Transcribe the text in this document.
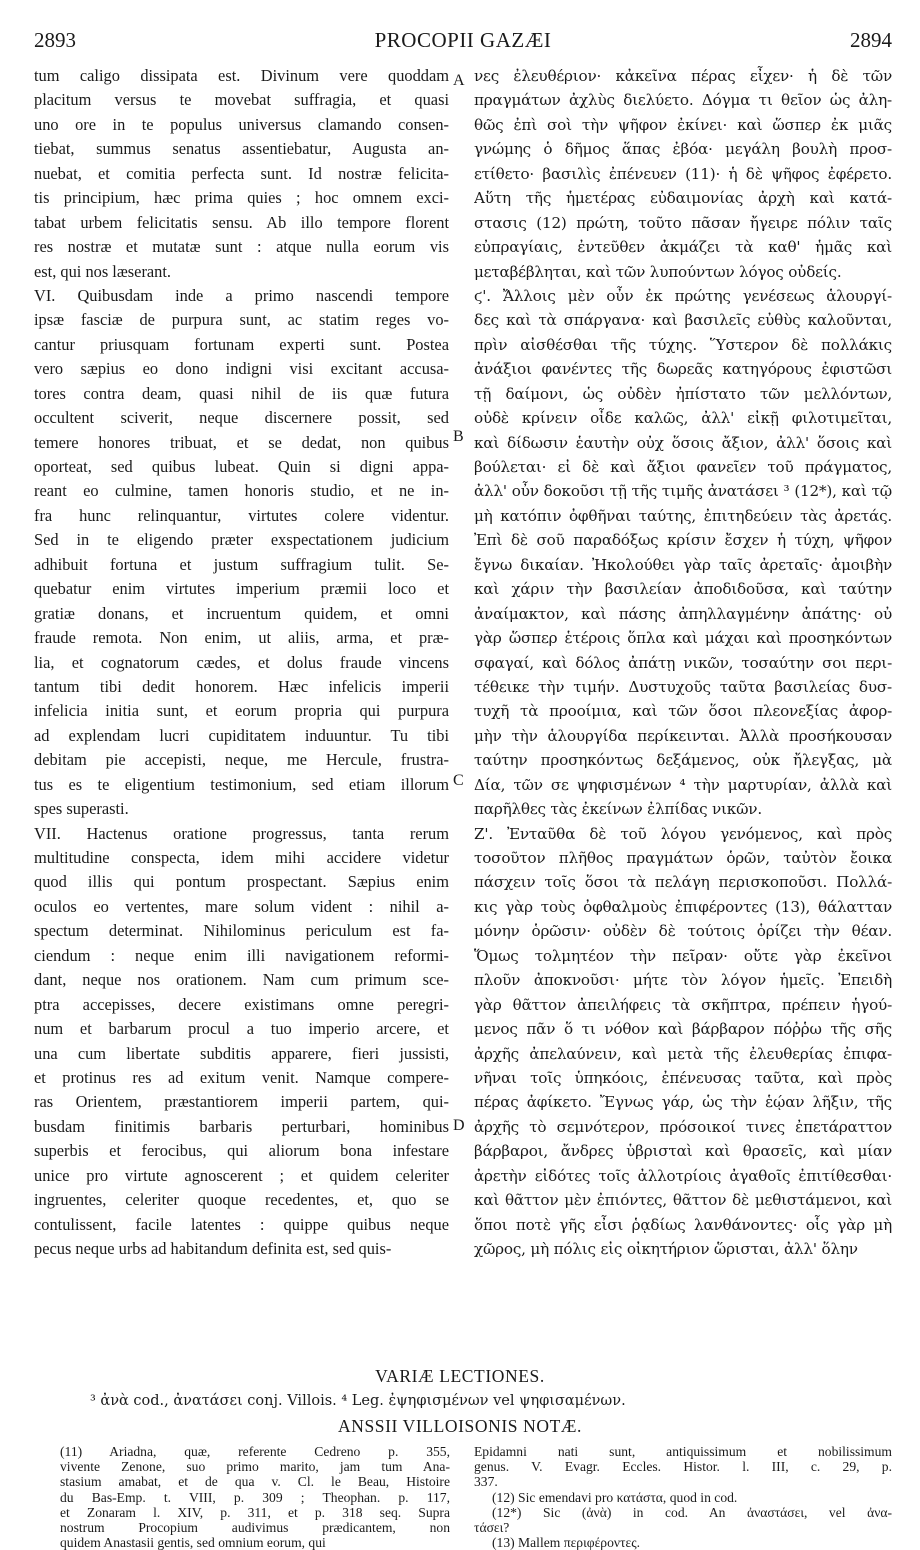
2893	PROCOPII GAZÆI	2894
tum caligo dissipata est. Divinum vere quoddam
placitum versus te movebat suffragia, et quasi
uno ore in te populus universus clamando consen-
tiebat, summus senatus assentiebatur, Augusta an-
nuebat, et comitia perfecta sunt. Id nostræ felicita-
tis principium, hæc prima quies ; hoc omnem exci-
tabat urbem felicitatis sensu. Ab illo tempore florent
res nostræ et mutatæ sunt : atque nulla eorum vis
est, qui nos læserant.
VI. Quibusdam inde a primo nascendi tempore
ipsæ fasciæ de purpura sunt, ac statim reges vo-
cantur priusquam fortunam experti sunt. Postea
vero sæpius eo dono indigni visi excitant accusa-
tores contra deam, quasi nihil de iis quæ futura
occultent sciverit, neque discernere possit, sed
temere honores tribuat, et se dedat, non quibus
oporteat, sed quibus lubeat. Quin si digni appa-
reant eo culmine, tamen honoris studio, et ne in-
fra hunc relinquantur, virtutes colere videntur.
Sed in te eligendo præter exspectationem judicium
adhibuit fortuna et justum suffragium tulit. Se-
quebatur enim virtutes imperium præmii loco et
gratiæ donans, et incruentum quidem, et omni
fraude remota. Non enim, ut aliis, arma, et præ-
lia, et cognatorum cædes, et dolus fraude vincens
tantum tibi dedit honorem. Hæc infelicis imperii
infelicia initia sunt, et eorum propria qui purpura
ad explendam lucri cupiditatem induuntur. Tu tibi
debitam pie accepisti, neque, me Hercule, frustra-
tus es te eligentium testimonium, sed etiam illorum
spes superasti.
VII. Hactenus oratione progressus, tanta rerum
multitudine conspecta, idem mihi accidere videtur
quod illis qui pontum prospectant. Sæpius enim
oculos eo vertentes, mare solum vident : nihil a-
spectum determinat. Nihilominus periculum est fa-
ciendum : neque enim illi navigationem reformi-
dant, neque nos orationem. Nam cum primum sce-
ptra accepisses, decere existimans omne peregri-
num et barbarum procul a tuo imperio arcere, et
una cum libertate subditis apparere, fieri jussisti,
et protinus res ad exitum venit. Namque compere-
ras Orientem, præstantiorem imperii partem, qui-
busdam finitimis barbaris perturbari, hominibus
superbis et ferocibus, qui aliorum bona infestare
unice pro virtute agnoscerent ; et quidem celeriter
ingruentes, celeriter quoque recedentes, et, quo se
contulissent, facile latentes : quippe quibus neque
pecus neque urbs ad habitandum definita est, sed quis-
νες ἐλευθέριον· κἀκεῖνα πέρας εἶχεν· ἡ δὲ τῶν
πραγμάτων ἀχλὺς διελύετο. Δόγμα τι θεῖον ὡς ἀλη-
θῶς ἐπὶ σοὶ τὴν ψῆφον ἐκίνει· καὶ ὥσπερ ἐκ μιᾶς
γνώμης ὁ δῆμος ἅπας ἐβόα· μεγάλη βουλὴ προσ-
ετίθετο· βασιλὶς ἐπένευεν (11)· ἡ δὲ ψῆφος ἐφέρετο.
Αὕτη τῆς ἡμετέρας εὐδαιμονίας ἀρχὴ καὶ κατά-
στασις (12) πρώτη, τοῦτο πᾶσαν ἤγειρε πόλιν ταῖς
εὐπραγίαις, ἐντεῦθεν ἀκμάζει τὰ καθ' ἡμᾶς καὶ
μεταβέβληται, καὶ τῶν λυπούντων λόγος οὐδείς.
ϛ'. Ἄλλοις μὲν οὖν ἐκ πρώτης γενέσεως ἁλουργί-
δες καὶ τὰ σπάργανα· καὶ βασιλεῖς εὐθὺς καλοῦνται,
πρὶν αἰσθέσθαι τῆς τύχης. Ὕστερον δὲ πολλάκις
ἀνάξιοι φανέντες τῆς δωρεᾶς κατηγόρους ἐφιστῶσι
τῇ δαίμονι, ὡς οὐδὲν ἠπίστατο τῶν μελλόντων,
οὐδὲ κρίνειν οἶδε καλῶς, ἀλλ' εἰκῇ φιλοτιμεῖται,
καὶ δίδωσιν ἑαυτὴν οὐχ ὅσοις ἄξιον, ἀλλ' ὅσοις καὶ
βούλεται· εἰ δὲ καὶ ἄξιοι φανεῖεν τοῦ πράγματος,
ἀλλ' οὖν δοκοῦσι τῇ τῆς τιμῆς ἀνατάσει ³ (12*), καὶ τῷ
μὴ κατόπιν ὀφθῆναι ταύτης, ἐπιτηδεύειν τὰς ἀρετάς.
Ἐπὶ δὲ σοῦ παραδόξως κρίσιν ἔσχεν ἡ τύχη, ψῆφον
ἔγνω δικαίαν. Ἠκολούθει γὰρ ταῖς ἀρεταῖς· ἀμοιβὴν
καὶ χάριν τὴν βασιλείαν ἀποδιδοῦσα, καὶ ταύτην
ἀναίμακτον, καὶ πάσης ἀπηλλαγμένην ἀπάτης· οὐ
γὰρ ὥσπερ ἑτέροις ὅπλα καὶ μάχαι καὶ προσηκόντων
σφαγαί, καὶ δόλος ἀπάτῃ νικῶν, τοσαύτην σοι περι-
τέθεικε τὴν τιμήν. Δυστυχοῦς ταῦτα βασιλείας δυσ-
τυχῆ τὰ προοίμια, καὶ τῶν ὅσοι πλεονεξίας ἀφορ-
μὴν τὴν ἁλουργίδα περίκεινται. Ἀλλὰ προσήκουσαν
ταύτην προσηκόντως δεξάμενος, οὐκ ἤλεγξας, μὰ
Δία, τῶν σε ψηφισμένων ⁴ τὴν μαρτυρίαν, ἀλλὰ καὶ
παρῆλθες τὰς ἐκείνων ἐλπίδας νικῶν.
Ζ'. Ἐνταῦθα δὲ τοῦ λόγου γενόμενος, καὶ πρὸς
τοσοῦτον πλῆθος πραγμάτων ὁρῶν, ταὐτὸν ἔοικα
πάσχειν τοῖς ὅσοι τὰ πελάγη περισκοποῦσι. Πολλά-
κις γὰρ τοὺς ὀφθαλμοὺς ἐπιφέροντες (13), θάλατταν
μόνην ὁρῶσιν· οὐδὲν δὲ τούτοις ὁρίζει τὴν θέαν.
Ὅμως τολμητέον τὴν πεῖραν· οὔτε γὰρ ἐκεῖνοι
πλοῦν ἀποκνοῦσι· μήτε τὸν λόγον ἡμεῖς. Ἐπειδὴ
γὰρ θᾶττον ἀπειλήφεις τὰ σκῆπτρα, πρέπειν ἡγού-
μενος πᾶν ὅ τι νόθον καὶ βάρβαρον πόῤῥω τῆς σῆς
ἀρχῆς ἀπελαύνειν, καὶ μετὰ τῆς ἐλευθερίας ἐπιφα-
νῆναι τοῖς ὑπηκόοις, ἐπένευσας ταῦτα, καὶ πρὸς
πέρας ἀφίκετο. Ἔγνως γάρ, ὡς τὴν ἑῴαν λῆξιν, τῆς
ἀρχῆς τὸ σεμνότερον, πρόσοικοί τινες ἐπετάραττον
βάρβαροι, ἄνδρες ὑβρισταὶ καὶ θρασεῖς, καὶ μίαν
ἀρετὴν εἰδότες τοῖς ἀλλοτρίοις ἀγαθοῖς ἐπιτίθεσθαι·
καὶ θᾶττον μὲν ἐπιόντες, θᾶττον δὲ μεθιστάμενοι, καὶ
ὅποι ποτὲ γῆς εἶσι ῥᾳδίως λανθάνοντες· οἷς γὰρ μὴ
χῶρος, μὴ πόλις εἰς οἰκητήριον ὥρισται, ἀλλ' ὅλην
A
B
C
D
VARIÆ LECTIONES.
³ ἀνὰ cod., ἀνατάσει conj. Villois. ⁴ Leg. ἐψηφισμένων vel ψηφισαμένων.
ANSSII VILLOISONIS NOTÆ.
(11) Ariadna, quæ, referente Cedreno p. 355,
vivente Zenone, suo primo marito, jam tum Ana-
stasium amabat, et de qua v. Cl. le Beau, Histoire
du Bas-Emp. t. VIII, p. 309 ; Theophan. p. 117,
et Zonaram l. XIV, p. 311, et p. 318 seq. Supra
nostrum Procopium audivimus prædicantem, non
quidem Anastasii gentis, sed omnium eorum, qui
Epidamni nati sunt, antiquissimum et nobilissimum
genus. V. Evagr. Eccles. Histor. l. III, c. 29, p.
337.
(12) Sic emendavi pro κατάστα, quod in cod.
(12*) Sic (ἀνὰ) in cod. An ἀναστάσει, vel ἀνα-
τάσει?
(13) Mallem περιφέροντες.
